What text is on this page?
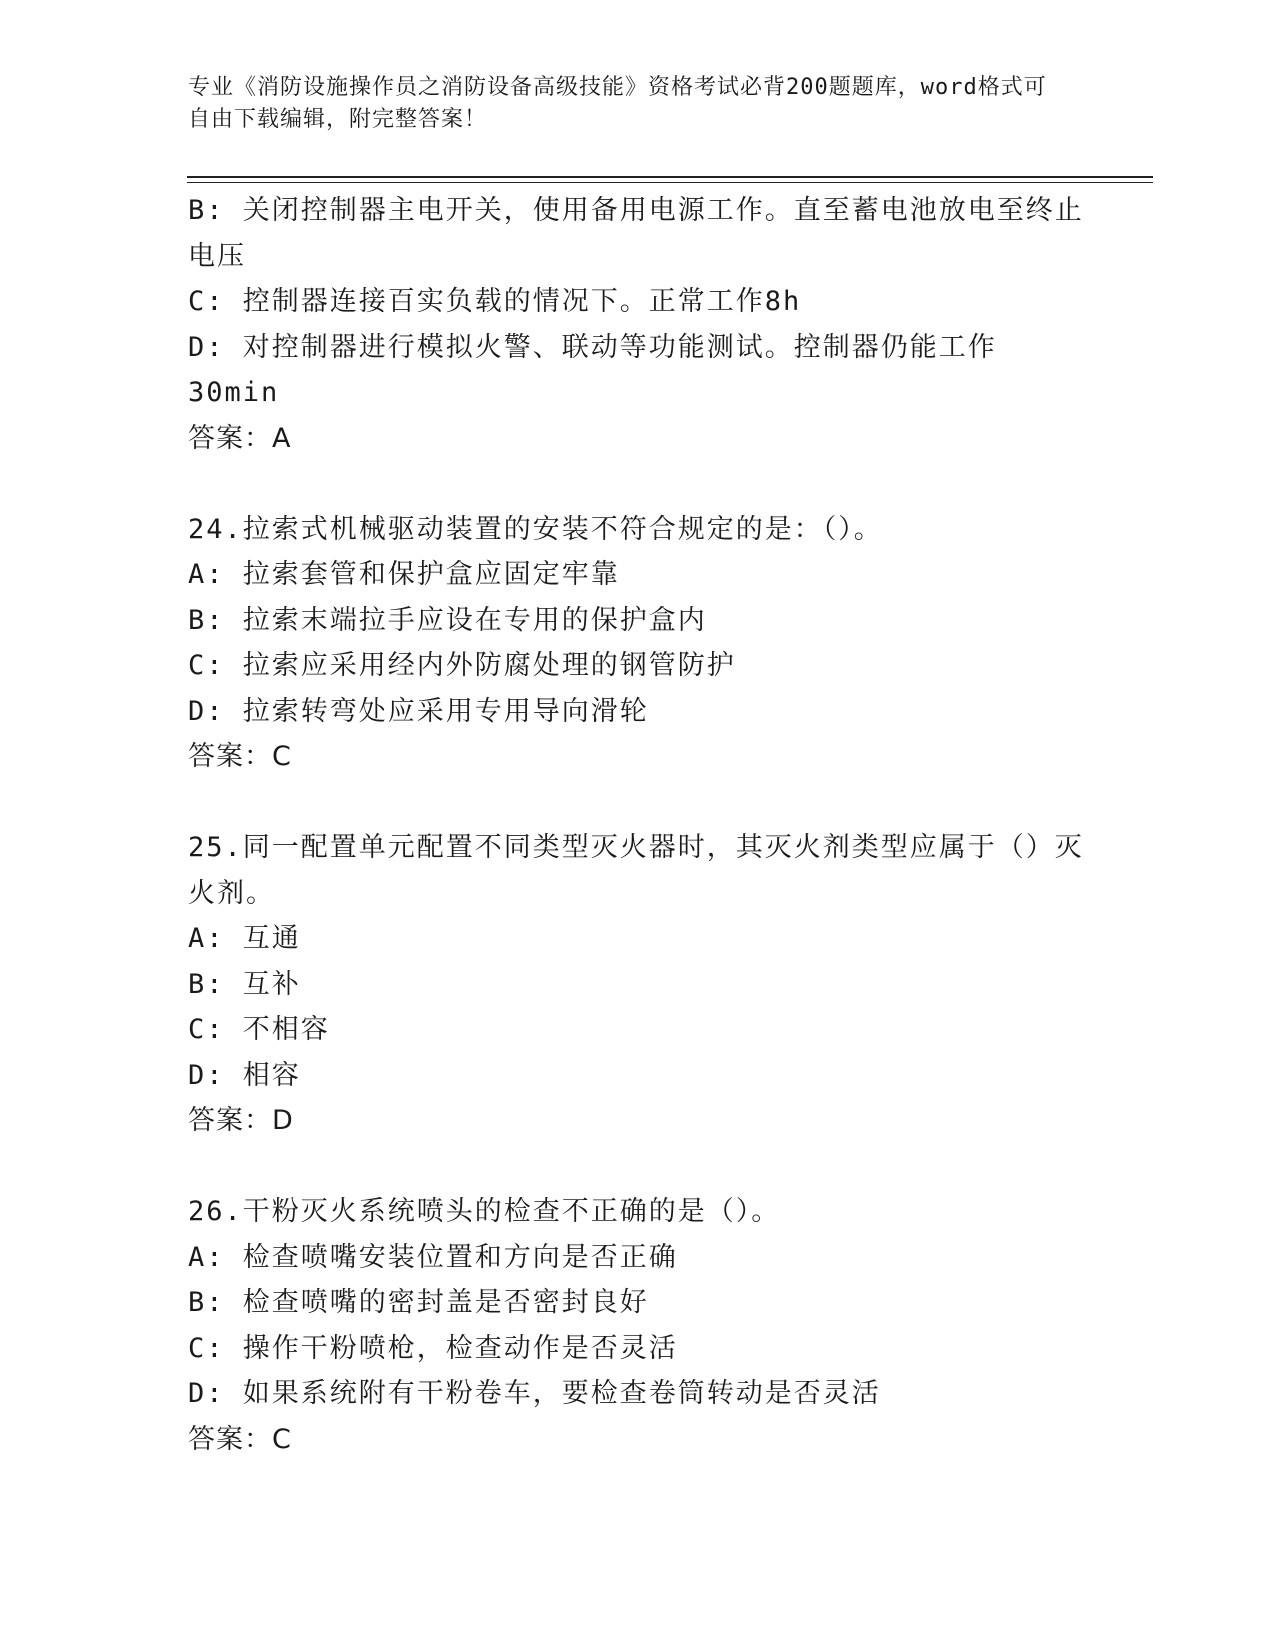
专业《消防设施操作员之消防设备高级技能》资格考试必背200题题库，word格式可自由下载编辑，附完整答案！
B: 关闭控制器主电开关，使用备用电源工作。直至蓄电池放电至终止电压
C: 控制器连接百实负载的情况下。正常工作8h
D: 对控制器进行模拟火警、联动等功能测试。控制器仍能工作30min
答案：A
24.拉索式机械驱动装置的安装不符合规定的是：（）。
A: 拉索套管和保护盒应固定牢靠
B: 拉索末端拉手应设在专用的保护盒内
C: 拉索应采用经内外防腐处理的钢管防护
D: 拉索转弯处应采用专用导向滑轮
答案：C
25.同一配置单元配置不同类型灭火器时，其灭火剂类型应属于（）灭火剂。
A: 互通
B: 互补
C: 不相容
D: 相容
答案：D
26.干粉灭火系统喷头的检查不正确的是（）。
A: 检查喷嘴安装位置和方向是否正确
B: 检查喷嘴的密封盖是否密封良好
C: 操作干粉喷枪，检查动作是否灵活
D: 如果系统附有干粉卷车，要检查卷筒转动是否灵活
答案：C
